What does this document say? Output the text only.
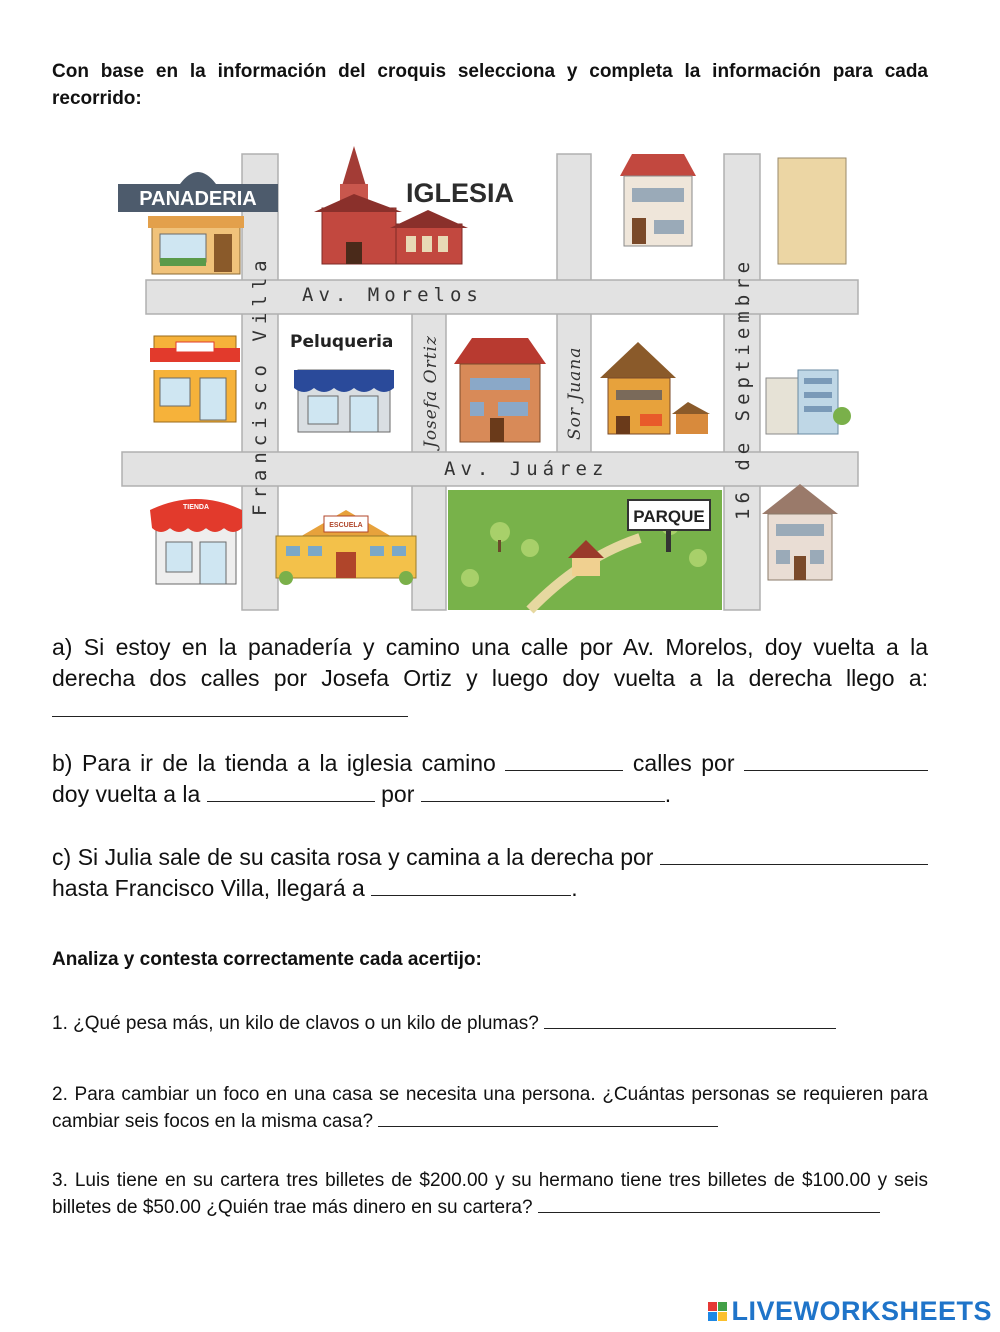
Con base en la información del croquis selecciona y completa la información para cada recorrido:
Av. Morelos
Av. Juárez
Francisco Villa	Josefa Ortiz	Sor Juana	16 de Septiembre
PANADERIA	IGLESIA
Peluqueria
TIENDA
ESCUELA	PARQUE
a) Si estoy en la panadería y camino una calle por Av. Morelos, doy vuelta a la derecha dos calles por Josefa Ortiz y luego doy vuelta a la derecha llego a:
b) Para ir de la tienda a la iglesia camino	calles por  doy vuelta a la	por	.
c) Si Julia sale de su casita rosa y camina a la derecha por  hasta Francisco Villa, llegará a	.
Analiza y contesta correctamente cada acertijo:
1. ¿Qué pesa más, un kilo de clavos o un kilo de plumas?
2. Para cambiar un foco en una casa se necesita una persona. ¿Cuántas personas se requieren para cambiar seis focos en la misma casa?
3. Luis tiene en su cartera tres billetes de $200.00 y su hermano tiene tres billetes de $100.00 y seis billetes de $50.00 ¿Quién trae más dinero en su cartera?
LIVEWORKSHEETS
